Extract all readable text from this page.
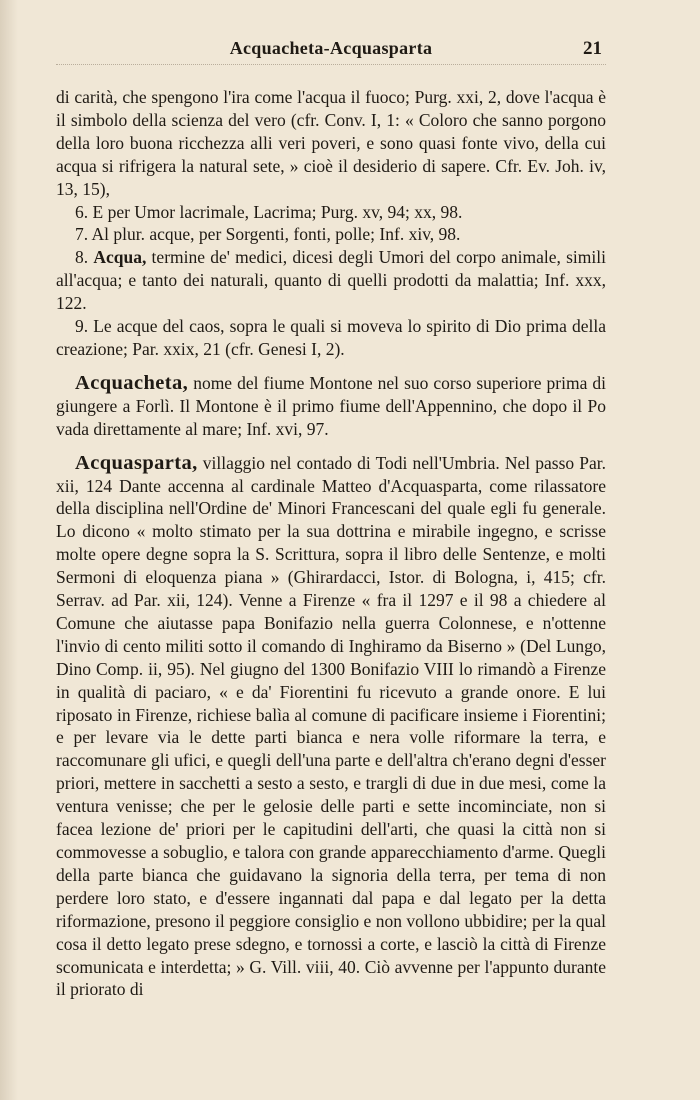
Acquacheta-Acquasparta	21

di carità, che spengono l'ira come l'acqua il fuoco; Purg. xxi, 2, dove l'acqua è il simbolo della scienza del vero (cfr. Conv. I, 1: « Coloro che sanno porgono della loro buona ricchezza alli veri poveri, e sono quasi fonte vivo, della cui acqua si rifrigera la natural sete, » cioè il desiderio di sapere. Cfr. Ev. Joh. iv, 13, 15),

6. E per Umor lacrimale, Lacrima; Purg. xv, 94; xx, 98.

7. Al plur. acque, per Sorgenti, fonti, polle; Inf. xiv, 98.

8. Acqua, termine de' medici, dicesi degli Umori del corpo animale, simili all'acqua; e tanto dei naturali, quanto di quelli prodotti da malattia; Inf. xxx, 122.

9. Le acque del caos, sopra le quali si moveva lo spirito di Dio prima della creazione; Par. xxix, 21 (cfr. Genesi I, 2).

Acquacheta, nome del fiume Montone nel suo corso superiore prima di giungere a Forlì. Il Montone è il primo fiume dell'Appennino, che dopo il Po vada direttamente al mare; Inf. xvi, 97.

Acquasparta, villaggio nel contado di Todi nell'Umbria. Nel passo Par. xii, 124 Dante accenna al cardinale Matteo d'Acquasparta, come rilassatore della disciplina nell'Ordine de' Minori Francescani del quale egli fu generale. Lo dicono « molto stimato per la sua dottrina e mirabile ingegno, e scrisse molte opere degne sopra la S. Scrittura, sopra il libro delle Sentenze, e molti Sermoni di eloquenza piana » (Ghirardacci, Istor. di Bologna, i, 415; cfr. Serrav. ad Par. xii, 124). Venne a Firenze « fra il 1297 e il 98 a chiedere al Comune che aiutasse papa Bonifazio nella guerra Colonnese, e n'ottenne l'invio di cento militi sotto il comando di Inghiramo da Biserno » (Del Lungo, Dino Comp. ii, 95). Nel giugno del 1300 Bonifazio VIII lo rimandò a Firenze in qualità di paciaro, « e da' Fiorentini fu ricevuto a grande onore. E lui riposato in Firenze, richiese balìa al comune di pacificare insieme i Fiorentini; e per levare via le dette parti bianca e nera volle riformare la terra, e raccomunare gli ufici, e quegli dell'una parte e dell'altra ch'erano degni d'esser priori, mettere in sacchetti a sesto a sesto, e trargli di due in due mesi, come la ventura venisse; che per le gelosie delle parti e sette incominciate, non si facea lezione de' priori per le capitudini dell'arti, che quasi la città non si commovesse a sobuglio, e talora con grande apparecchiamento d'arme. Quegli della parte bianca che guidavano la signoria della terra, per tema di non perdere loro stato, e d'essere ingannati dal papa e dal legato per la detta riformazione, presono il peggiore consiglio e non vollono ubbidire; per la qual cosa il detto legato prese sdegno, e tornossi a corte, e lasciò la città di Firenze scomunicata e interdetta; » G. Vill. viii, 40. Ciò avvenne per l'appunto durante il priorato di
